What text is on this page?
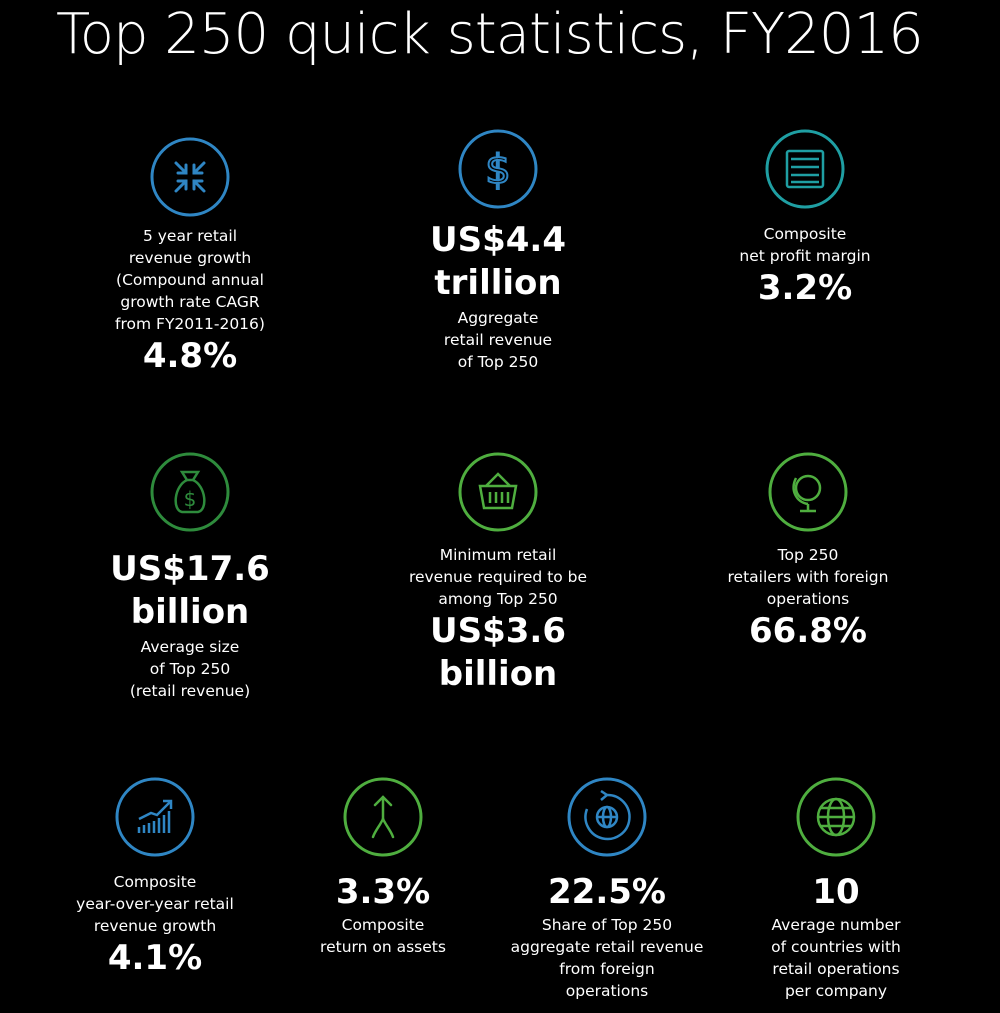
Top 250 quick statistics, FY2016
5 year retail
revenue growth
(Compound annual
growth rate CAGR
from FY2011-2016)
4.8%
$
US$4.4
trillion
Aggregate
retail revenue
of Top 250
Composite
net profit margin
3.2%
$
US$17.6
billion
Average size
of Top 250
(retail revenue)
Minimum retail
revenue required to be
among Top 250
US$3.6
billion
Top 250
retailers with foreign
operations
66.8%
Composite
year-over-year retail
revenue growth
4.1%
3.3%
Composite
return on assets
22.5%
Share of Top 250
aggregate retail revenue
from foreign
operations
10
Average number
of countries with
retail operations
per company
